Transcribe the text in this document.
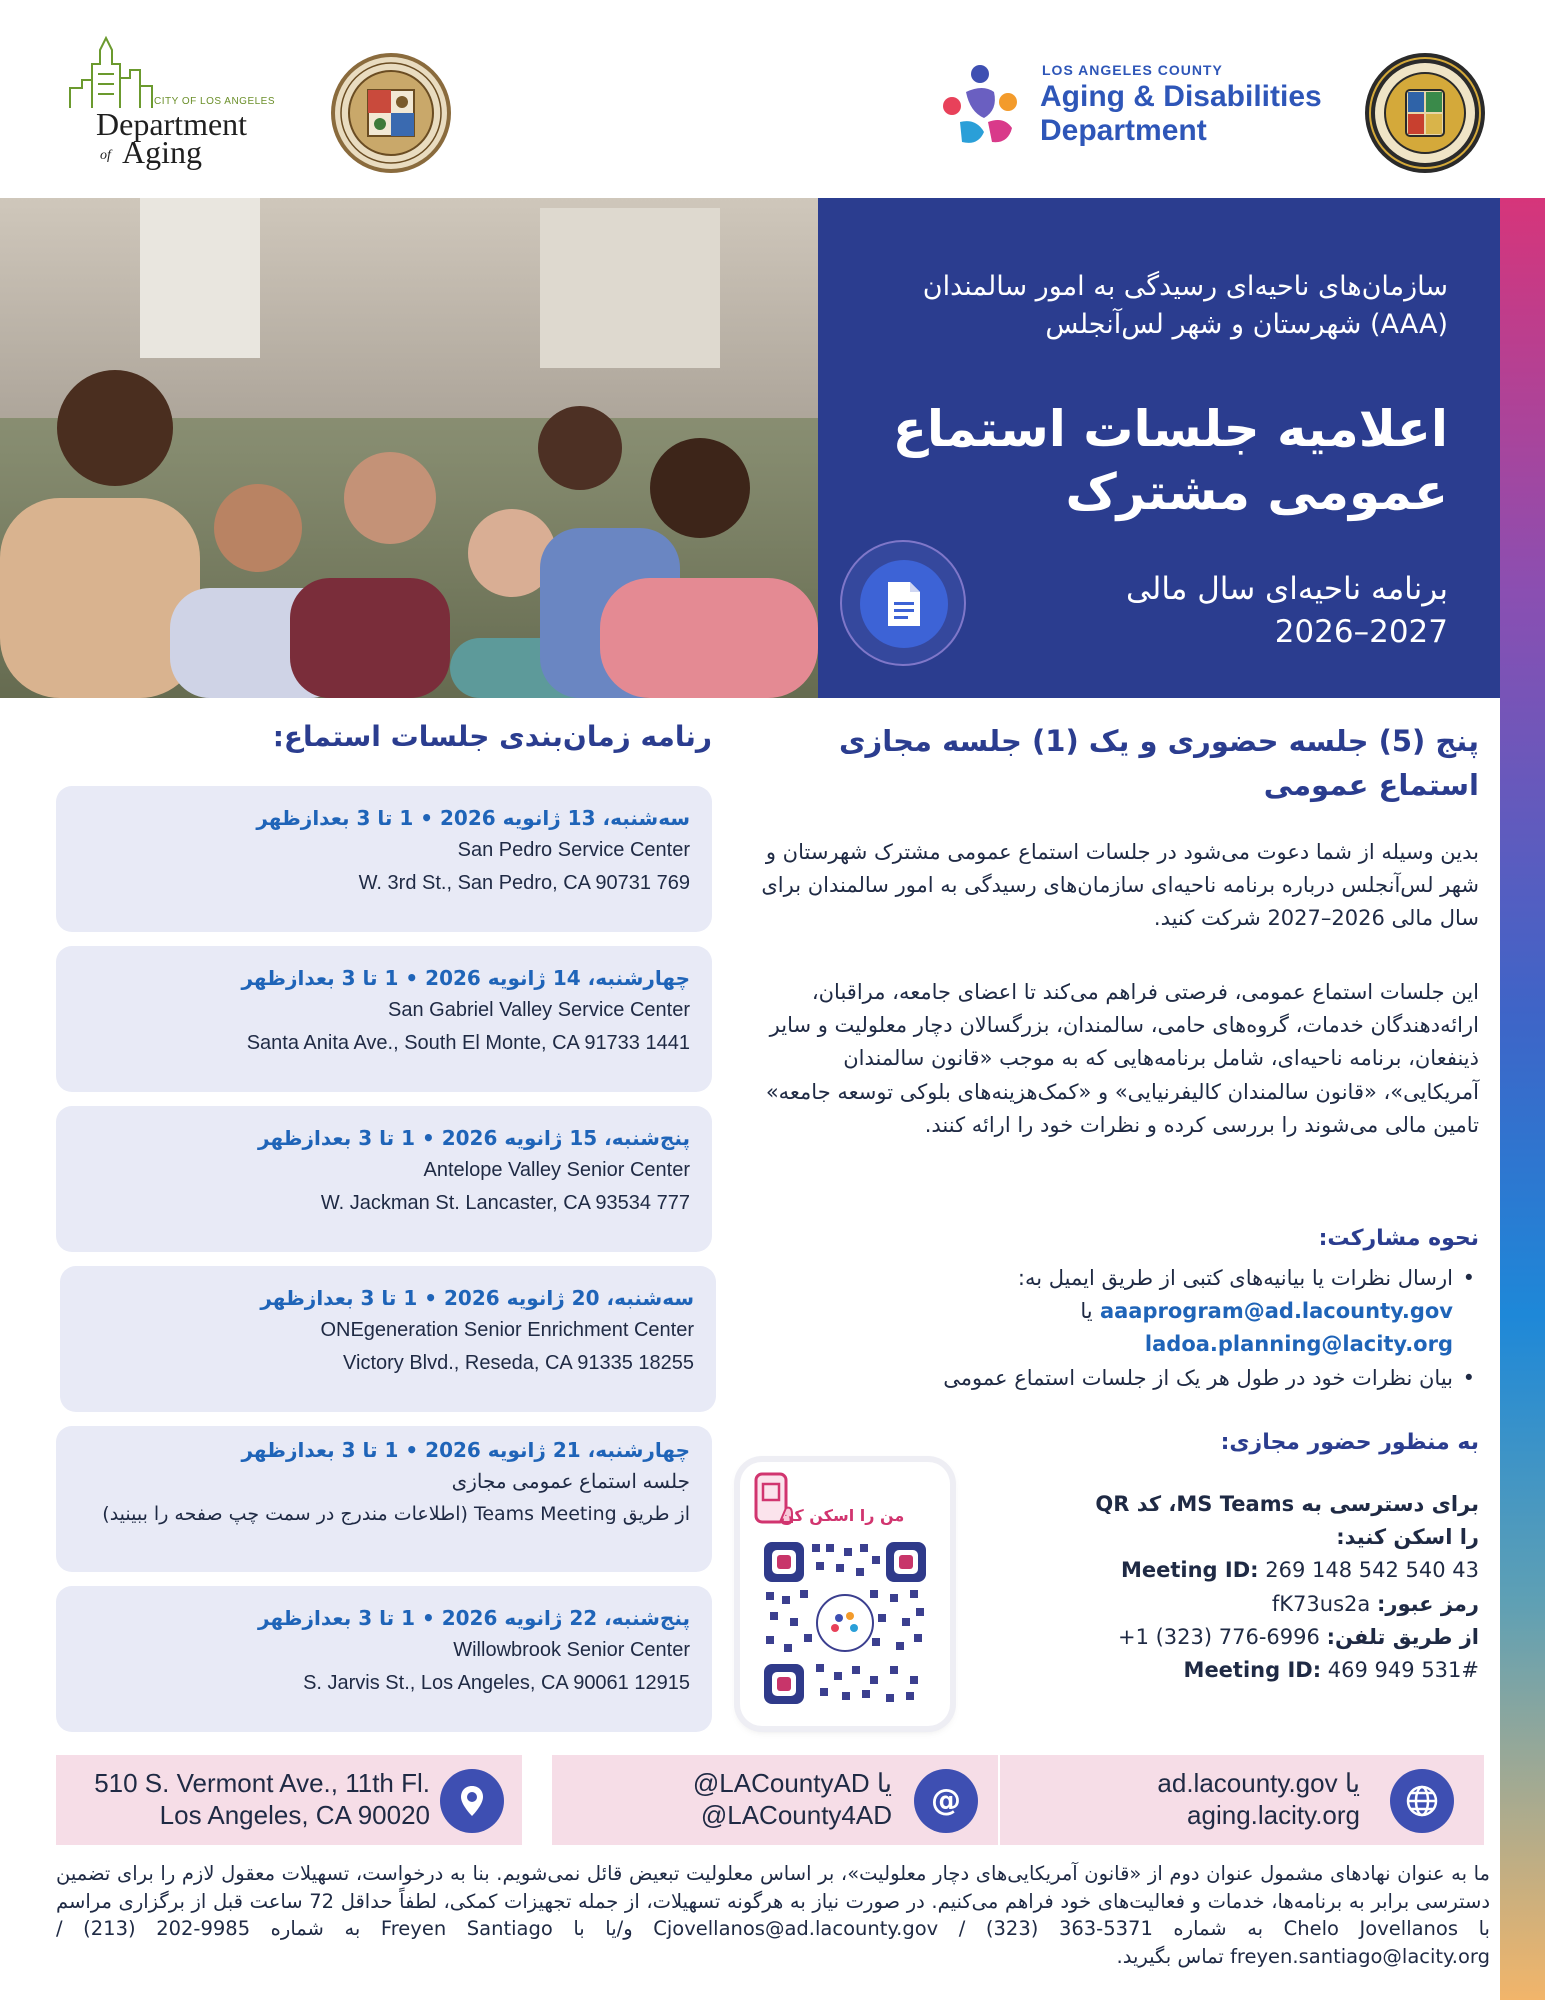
CITY OF LOS ANGELES
Department
of Aging
LOS ANGELES COUNTY
Aging & Disabilities
Department
سازمان‌های ناحیه‌ای رسیدگی به امور سالمندان (AAA) شهرستان و شهر لس‌آنجلس
اعلامیه جلسات استماع عمومی مشترک
برنامه ناحیه‌ای سال مالی
2027–2026
پنج (5) جلسه حضوری و یک (1) جلسه مجازی استماع عمومی
بدین وسیله از شما دعوت می‌شود در جلسات استماع عمومی مشترک شهرستان و شهر لس‌آنجلس درباره برنامه ناحیه‌ای سازمان‌های رسیدگی به امور سالمندان برای سال مالی 2026–2027 شرکت کنید.
این جلسات استماع عمومی، فرصتی فراهم می‌کند تا اعضای جامعه، مراقبان، ارائه‌دهندگان خدمات، گروه‌های حامی، سالمندان، بزرگسالان دچار معلولیت و سایر ذینفعان، برنامه ناحیه‌ای، شامل برنامه‌هایی که به موجب «قانون سالمندان آمریکایی»، «قانون سالمندان کالیفرنیایی» و «کمک‌هزینه‌های بلوکی توسعه جامعه» تامین مالی می‌شوند را بررسی کرده و نظرات خود را ارائه کنند.
نحوه مشارکت:
• ارسال نظرات یا بیانیه‌های کتبی از طریق ایمیل به:
aaaprogram@ad.lacounty.gov یا
ladoa.planning@lacity.org
• بیان نظرات خود در طول هر یک از جلسات استماع عمومی
به منظور حضور مجازی:
برای دسترسی به MS Teams، کد QR را اسکن کنید:
Meeting ID: 269 148 542 540 43
رمز عبور: fK73us2a
از طریق تلفن: +1 (323) 776-6996
Meeting ID: 469 949 531#
من را اسکن کن
رنامه زمان‌بندی جلسات استماع:
سه‌شنبه، 13 ژانویه 2026 • 1 تا 3 بعدازظهر
San Pedro Service Center
769 W. 3rd St., San Pedro, CA 90731
چهارشنبه، 14 ژانویه 2026 • 1 تا 3 بعدازظهر
San Gabriel Valley Service Center
1441 Santa Anita Ave., South El Monte, CA 91733
پنج‌شنبه، 15 ژانویه 2026 • 1 تا 3 بعدازظهر
Antelope Valley Senior Center
777 W. Jackman St. Lancaster, CA 93534
سه‌شنبه، 20 ژانویه 2026 • 1 تا 3 بعدازظهر
ONEgeneration Senior Enrichment Center
18255 Victory Blvd., Reseda, CA 91335
چهارشنبه، 21 ژانویه 2026 • 1 تا 3 بعدازظهر
جلسه استماع عمومی مجازی
از طریق Teams Meeting (اطلاعات مندرج در سمت چپ صفحه را ببینید)
پنج‌شنبه، 22 ژانویه 2026 • 1 تا 3 بعدازظهر
Willowbrook Senior Center
12915 S. Jarvis St., Los Angeles, CA 90061
510 S. Vermont Ave., 11th Fl.
Los Angeles, CA 90020
@LACountyAD یا
@LACounty4AD @	ad.lacounty.gov یا
aging.lacity.org
ما به عنوان نهادهای مشمول عنوان دوم از «قانون آمریکایی‌های دچار معلولیت»، بر اساس معلولیت تبعیض قائل نمی‌شویم. بنا به درخواست، تسهیلات معقول لازم را برای تضمین دسترسی برابر به برنامه‌ها، خدمات و فعالیت‌های خود فراهم می‌کنیم. در صورت نیاز به هرگونه تسهیلات، از جمله تجهیزات کمکی، لطفاً حداقل 72 ساعت قبل از برگزاری مراسم با Chelo Jovellanos به شماره 5371-363 (323) / Cjovellanos@ad.lacounty.gov و/یا با Freyen Santiago به شماره 9985-202 (213) / freyen.santiago@lacity.org تماس بگیرید.
